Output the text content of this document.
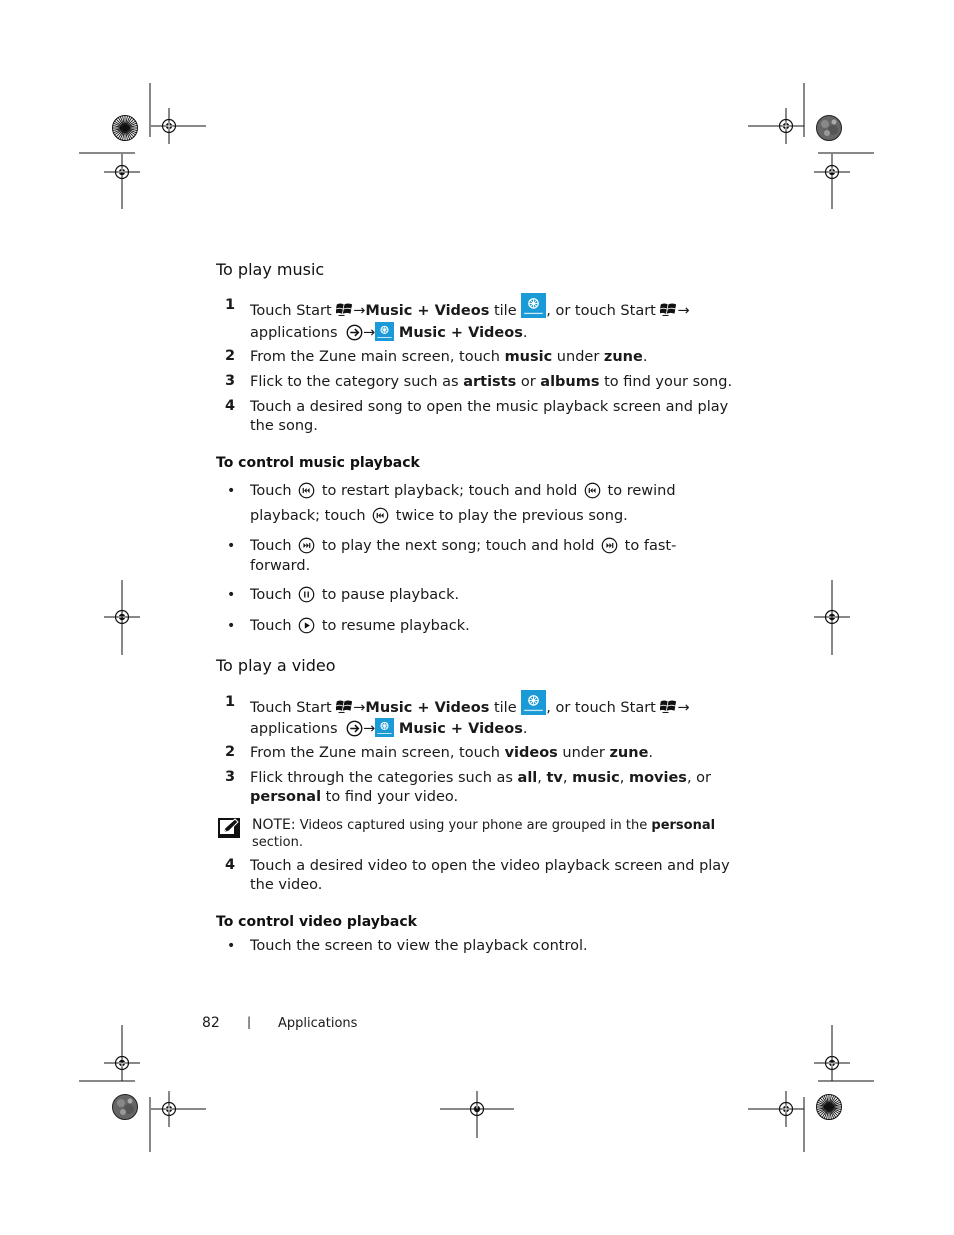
To play music
1 Touch Start →Music + Videos tile , or touch Start →
applications → Music + Videos.
2 From the Zune main screen, touch music under zune.
3 Flick to the category such as artists or albums to find your song.
4 Touch a desired song to open the music playback screen and play
the song.
To control music playback
• Touch  to restart playback; touch and hold  to rewind
playback; touch  twice to play the previous song.
• Touch  to play the next song; touch and hold  to fast-
forward.
• Touch  to pause playback.
• Touch  to resume playback.
To play a video
1 Touch Start →Music + Videos tile , or touch Start →
applications → Music + Videos.
2 From the Zune main screen, touch videos under zune.
3 Flick through the categories such as all, tv, music, movies, or
personal to find your video.
NOTE: Videos captured using your phone are grouped in the personal
section.
4 Touch a desired video to open the video playback screen and play
the video.
To control video playback
• Touch the screen to view the playback control.
82 | Applications
